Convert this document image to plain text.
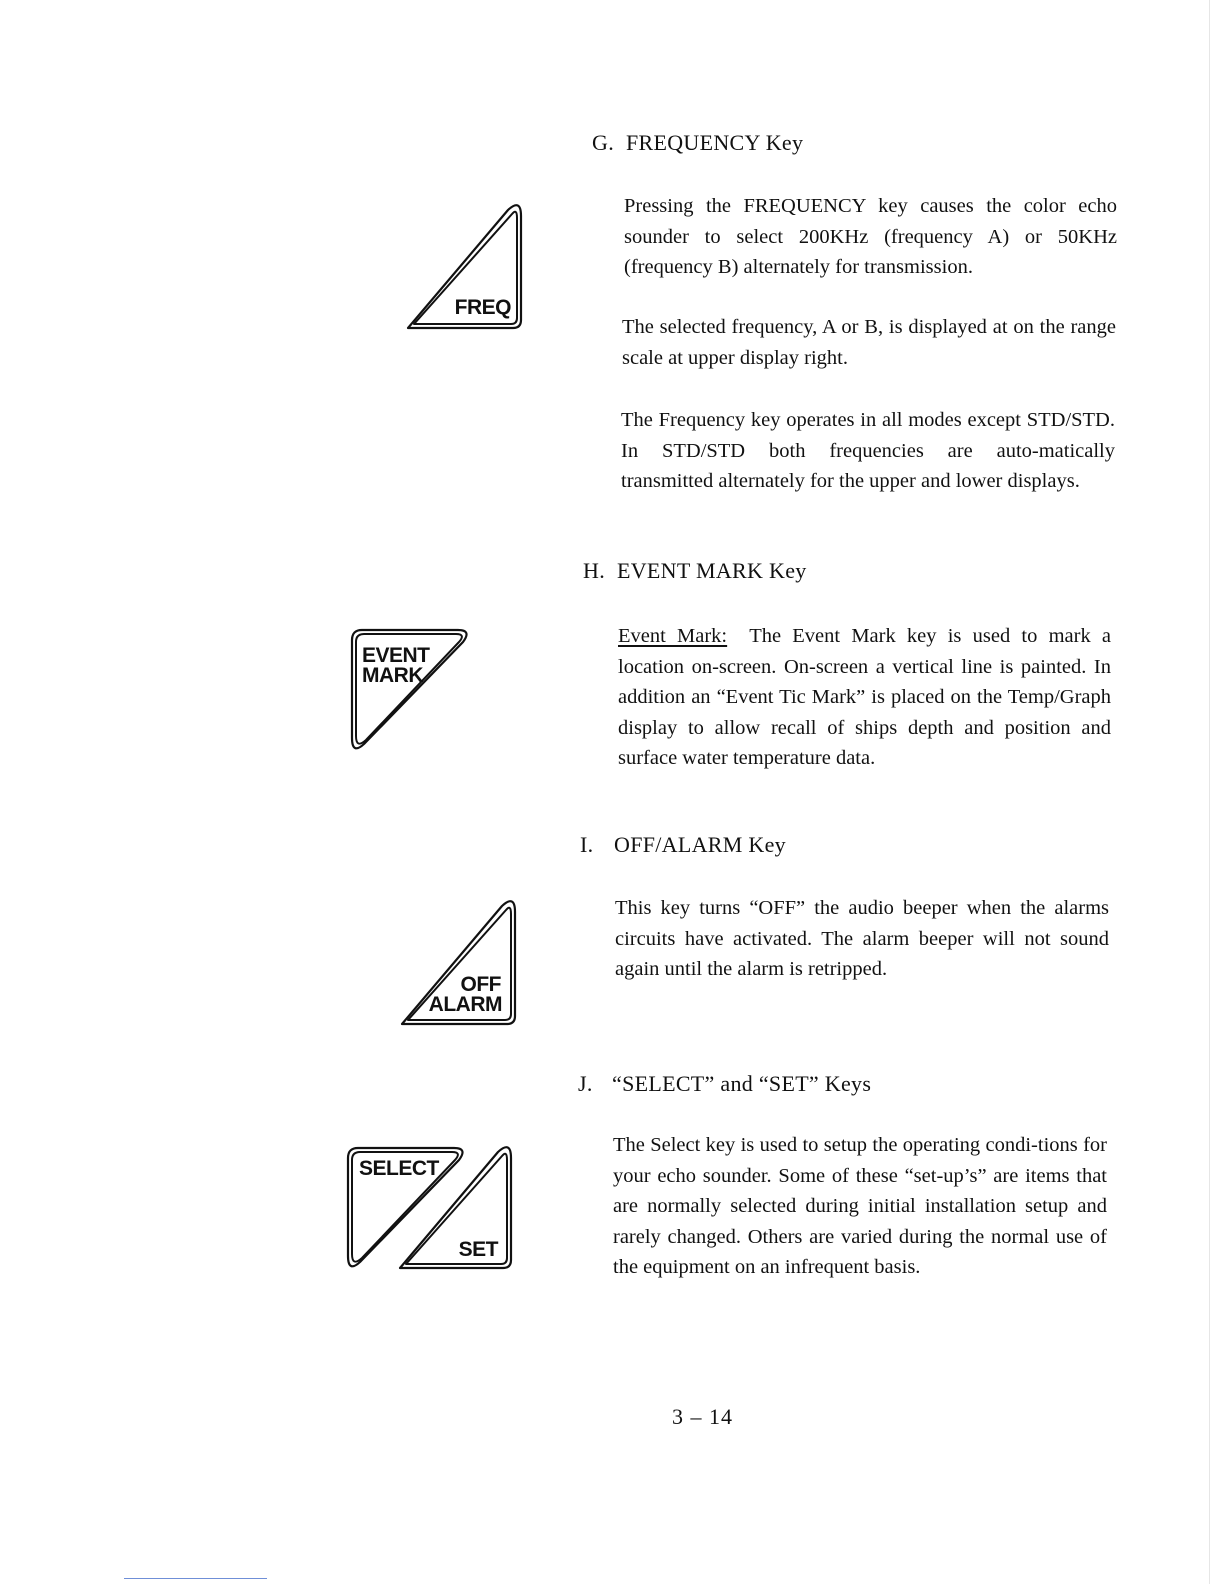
G. FREQUENCY Key
FREQ

Pressing the FREQUENCY key causes the color echo sounder to select 200KHz (frequency A) or 50KHz (frequency B) alternately for transmission.

The selected frequency, A or B, is displayed at on the range scale at upper display right.

The Frequency key operates in all modes except STD/STD. In STD/STD both frequencies are auto-matically transmitted alternately for the upper and lower displays.

H. EVENT MARK Key
EVENT
MARK

Event Mark: The Event Mark key is used to mark a location on-screen. On-screen a vertical line is painted. In addition an “Event Tic Mark” is placed on the Temp/Graph display to allow recall of ships depth and position and surface water temperature data.

I. OFF/ALARM Key
OFF
ALARM

This key turns “OFF” the audio beeper when the alarms circuits have activated. The alarm beeper will not sound again until the alarm is retripped.

J. “SELECT” and “SET” Keys
SELECT
SET

The Select key is used to setup the operating condi-tions for your echo sounder. Some of these “set-up’s” are items that are normally selected during initial installation setup and rarely changed. Others are varied during the normal use of the equipment on an infrequent basis.

3 – 14
